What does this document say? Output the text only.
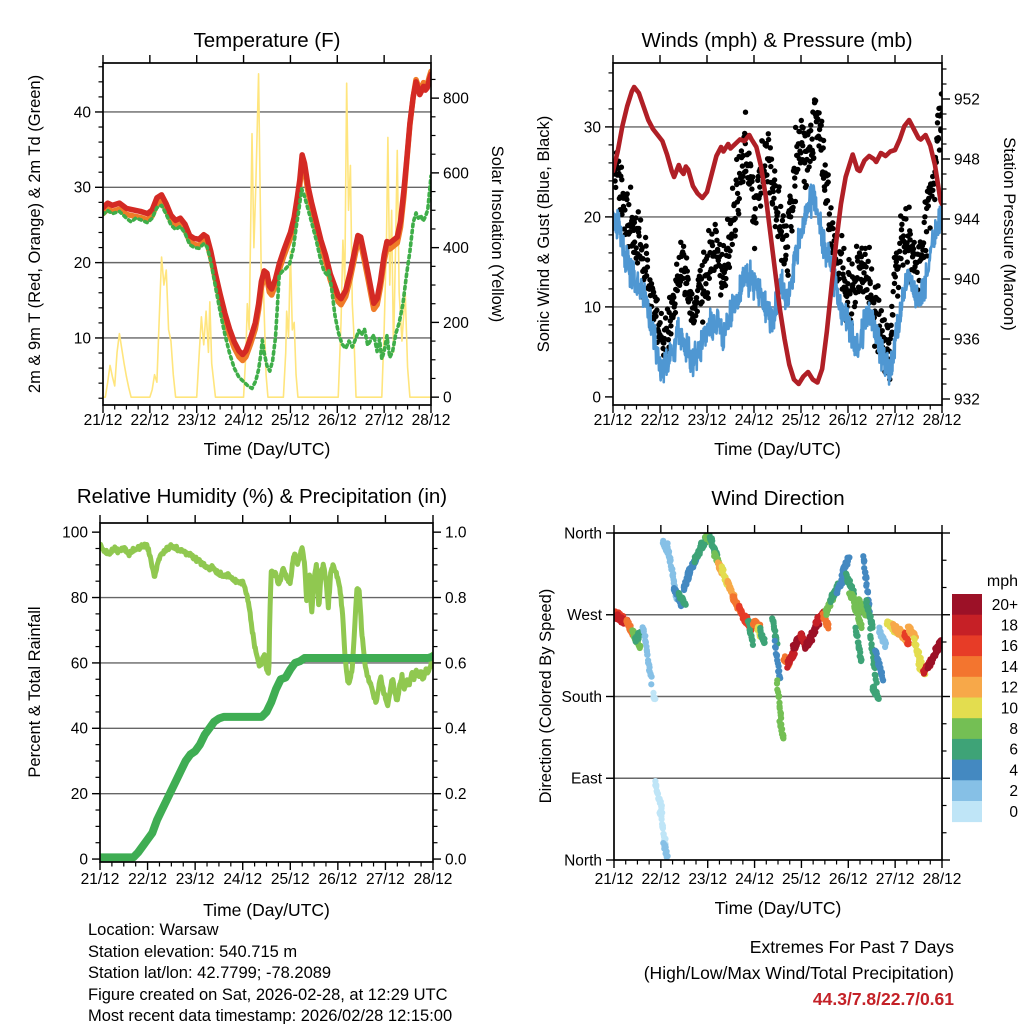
21/12 22/12 23/12 24/12 25/12 26/12 27/12 28/12
10
20
30
40
0
200
400
600
800
Temperature (F)
Time (Day/UTC)
2m & 9m T (Red, Orange) & 2m Td (Green)	Solar Insolation (Yellow)
21/12 22/12 23/12 24/12 25/12 26/12 27/12 28/12
0
10
20
30
932
936
940
944
948
952
Winds (mph) & Pressure (mb)
Time (Day/UTC)
Sonic Wind & Gust (Blue, Black)	Station Pressure (Maroon)
21/12 22/12 23/12 24/12 25/12 26/12 27/12 28/12
0
20
40
60
80
100
0.0
0.2
0.4
0.6
0.8
1.0
Relative Humidity (%) & Precipitation (in)
Time (Day/UTC)
Percent & Total Rainfall
21/12 22/12 23/12 24/12 25/12 26/12 27/12 28/12
North
West
South
East
North
Wind Direction
Time (Day/UTC)
Direction (Colored By Speed)
mph
20+
18
16
14
12
10
8
6
4
2
0
Location: Warsaw
Station elevation: 540.715 m
Station lat/lon: 42.7799; -78.2089
Figure created on Sat, 2026-02-28, at 12:29 UTC
Most recent data timestamp: 2026/02/28 12:15:00
Extremes For Past 7 Days
(High/Low/Max Wind/Total Precipitation)
44.3/7.8/22.7/0.61
